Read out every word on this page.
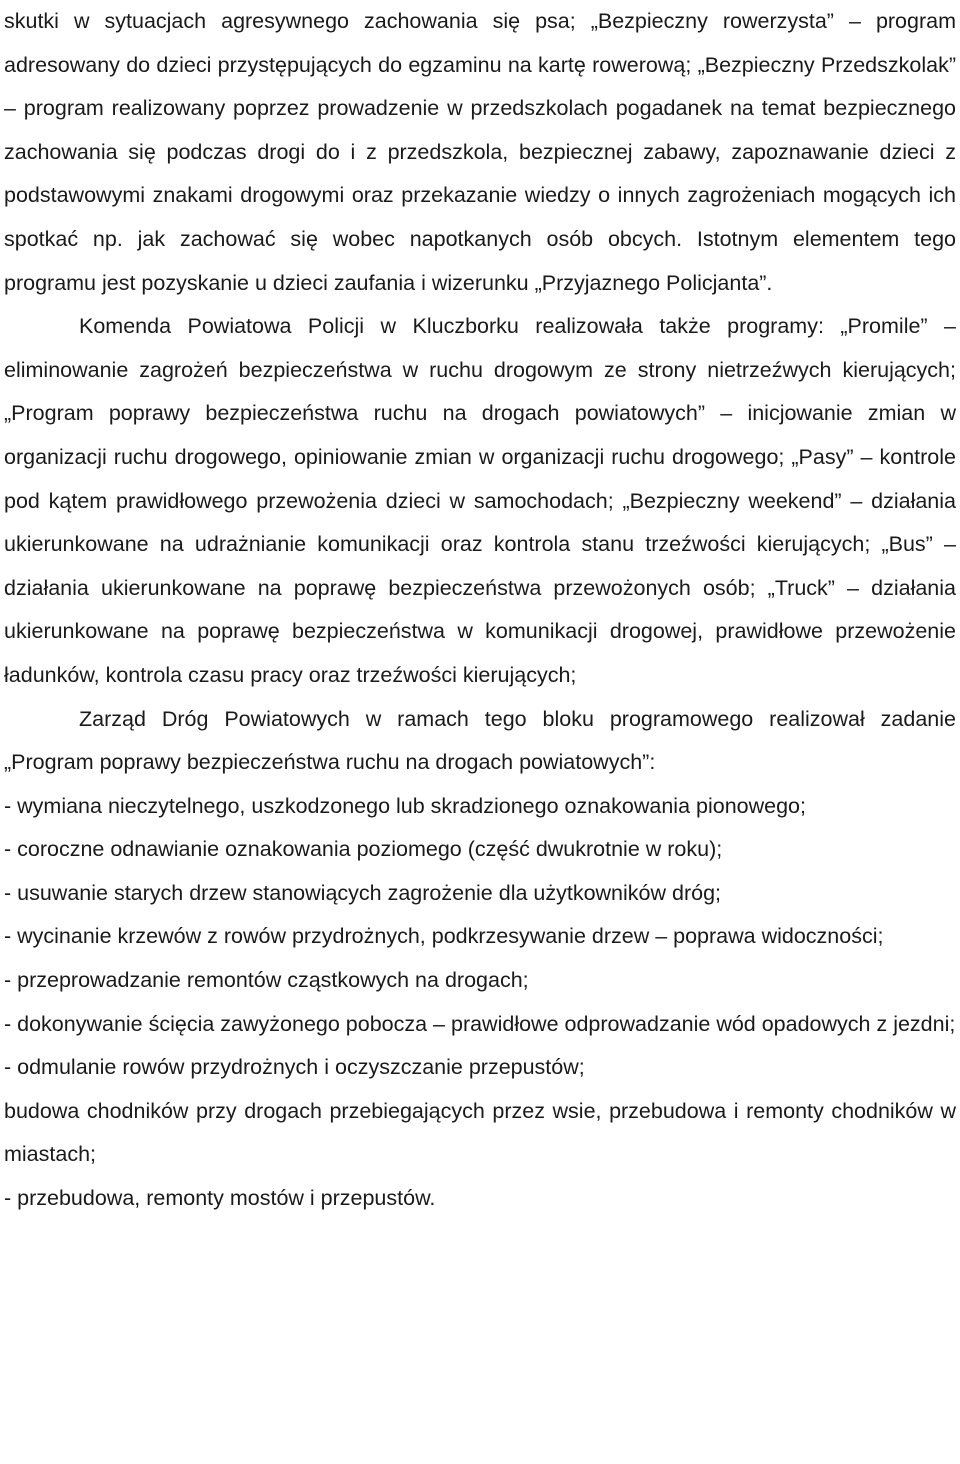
skutki w sytuacjach agresywnego zachowania się psa; „Bezpieczny rowerzysta” – program adresowany do dzieci przystępujących do egzaminu na kartę rowerową; „Bezpieczny Przedszkolak” – program realizowany poprzez prowadzenie w przedszkolach pogadanek na temat bezpiecznego zachowania się podczas drogi do i z przedszkola, bezpiecznej zabawy, zapoznawanie dzieci z podstawowymi znakami drogowymi oraz przekazanie wiedzy o innych zagrożeniach mogących ich spotkać np. jak zachować się wobec napotkanych osób obcych. Istotnym elementem tego programu jest pozyskanie u dzieci zaufania i wizerunku „Przyjaznego Policjanta”.

Komenda Powiatowa Policji w Kluczborku realizowała także programy: „Promile” – eliminowanie zagrożeń bezpieczeństwa w ruchu drogowym ze strony nietrzeźwych kierujących; „Program poprawy bezpieczeństwa ruchu na drogach powiatowych” – inicjowanie zmian w organizacji ruchu drogowego, opiniowanie zmian w organizacji ruchu drogowego; „Pasy” – kontrole pod kątem prawidłowego przewożenia dzieci w samochodach; „Bezpieczny weekend” – działania ukierunkowane na udrażnianie komunikacji oraz kontrola stanu trzeźwości kierujących; „Bus” – działania ukierunkowane na poprawę bezpieczeństwa przewożonych osób; „Truck” – działania ukierunkowane na poprawę bezpieczeństwa w komunikacji drogowej, prawidłowe przewożenie ładunków, kontrola czasu pracy oraz trzeźwości kierujących;

Zarząd Dróg Powiatowych w ramach tego bloku programowego realizował zadanie „Program poprawy bezpieczeństwa ruchu na drogach powiatowych”:

- wymiana nieczytelnego, uszkodzonego lub skradzionego oznakowania pionowego;

- coroczne odnawianie oznakowania poziomego (część dwukrotnie w roku);

- usuwanie starych drzew stanowiących zagrożenie dla użytkowników dróg;

- wycinanie krzewów z rowów przydrożnych, podkrzesywanie drzew – poprawa widoczności;

- przeprowadzanie remontów cząstkowych na drogach;

- dokonywanie ścięcia zawyżonego pobocza – prawidłowe odprowadzanie wód opadowych z jezdni;

- odmulanie rowów przydrożnych i oczyszczanie przepustów;

budowa chodników przy drogach przebiegających przez wsie, przebudowa i remonty chodników w miastach;

- przebudowa, remonty mostów i przepustów.
